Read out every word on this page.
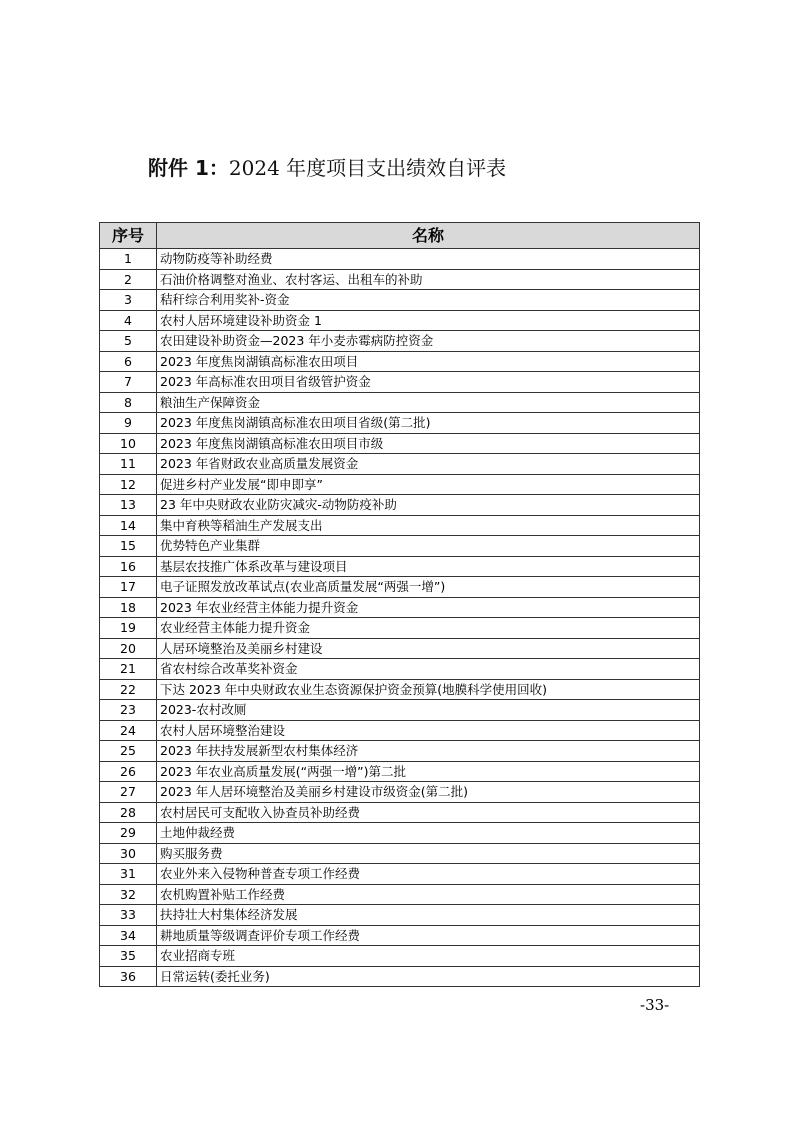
附件 1：2024 年度项目支出绩效自评表
序号	名称
1	动物防疫等补助经费
2	石油价格调整对渔业、农村客运、出租车的补助
3	秸秆综合利用奖补-资金
4	农村人居环境建设补助资金 1
5	农田建设补助资金—2023 年小麦赤霉病防控资金
6	2023 年度焦岗湖镇高标准农田项目
7	2023 年高标准农田项目省级管护资金
8	粮油生产保障资金
9	2023 年度焦岗湖镇高标准农田项目省级(第二批)
10	2023 年度焦岗湖镇高标准农田项目市级
11	2023 年省财政农业高质量发展资金
12	促进乡村产业发展“即申即享”
13	23 年中央财政农业防灾减灾-动物防疫补助
14	集中育秧等稻油生产发展支出
15	优势特色产业集群
16	基层农技推广体系改革与建设项目
17	电子证照发放改革试点(农业高质量发展“两强一增”)
18	2023 年农业经营主体能力提升资金
19	农业经营主体能力提升资金
20	人居环境整治及美丽乡村建设
21	省农村综合改革奖补资金
22	下达 2023 年中央财政农业生态资源保护资金预算(地膜科学使用回收)
23	2023-农村改厕
24	农村人居环境整治建设
25	2023 年扶持发展新型农村集体经济
26	2023 年农业高质量发展(“两强一增”)第二批
27	2023 年人居环境整治及美丽乡村建设市级资金(第二批)
28	农村居民可支配收入协查员补助经费
29	土地仲裁经费
30	购买服务费
31	农业外来入侵物种普查专项工作经费
32	农机购置补贴工作经费
33	扶持壮大村集体经济发展
34	耕地质量等级调查评价专项工作经费
35	农业招商专班
36	日常运转(委托业务)
-33-
